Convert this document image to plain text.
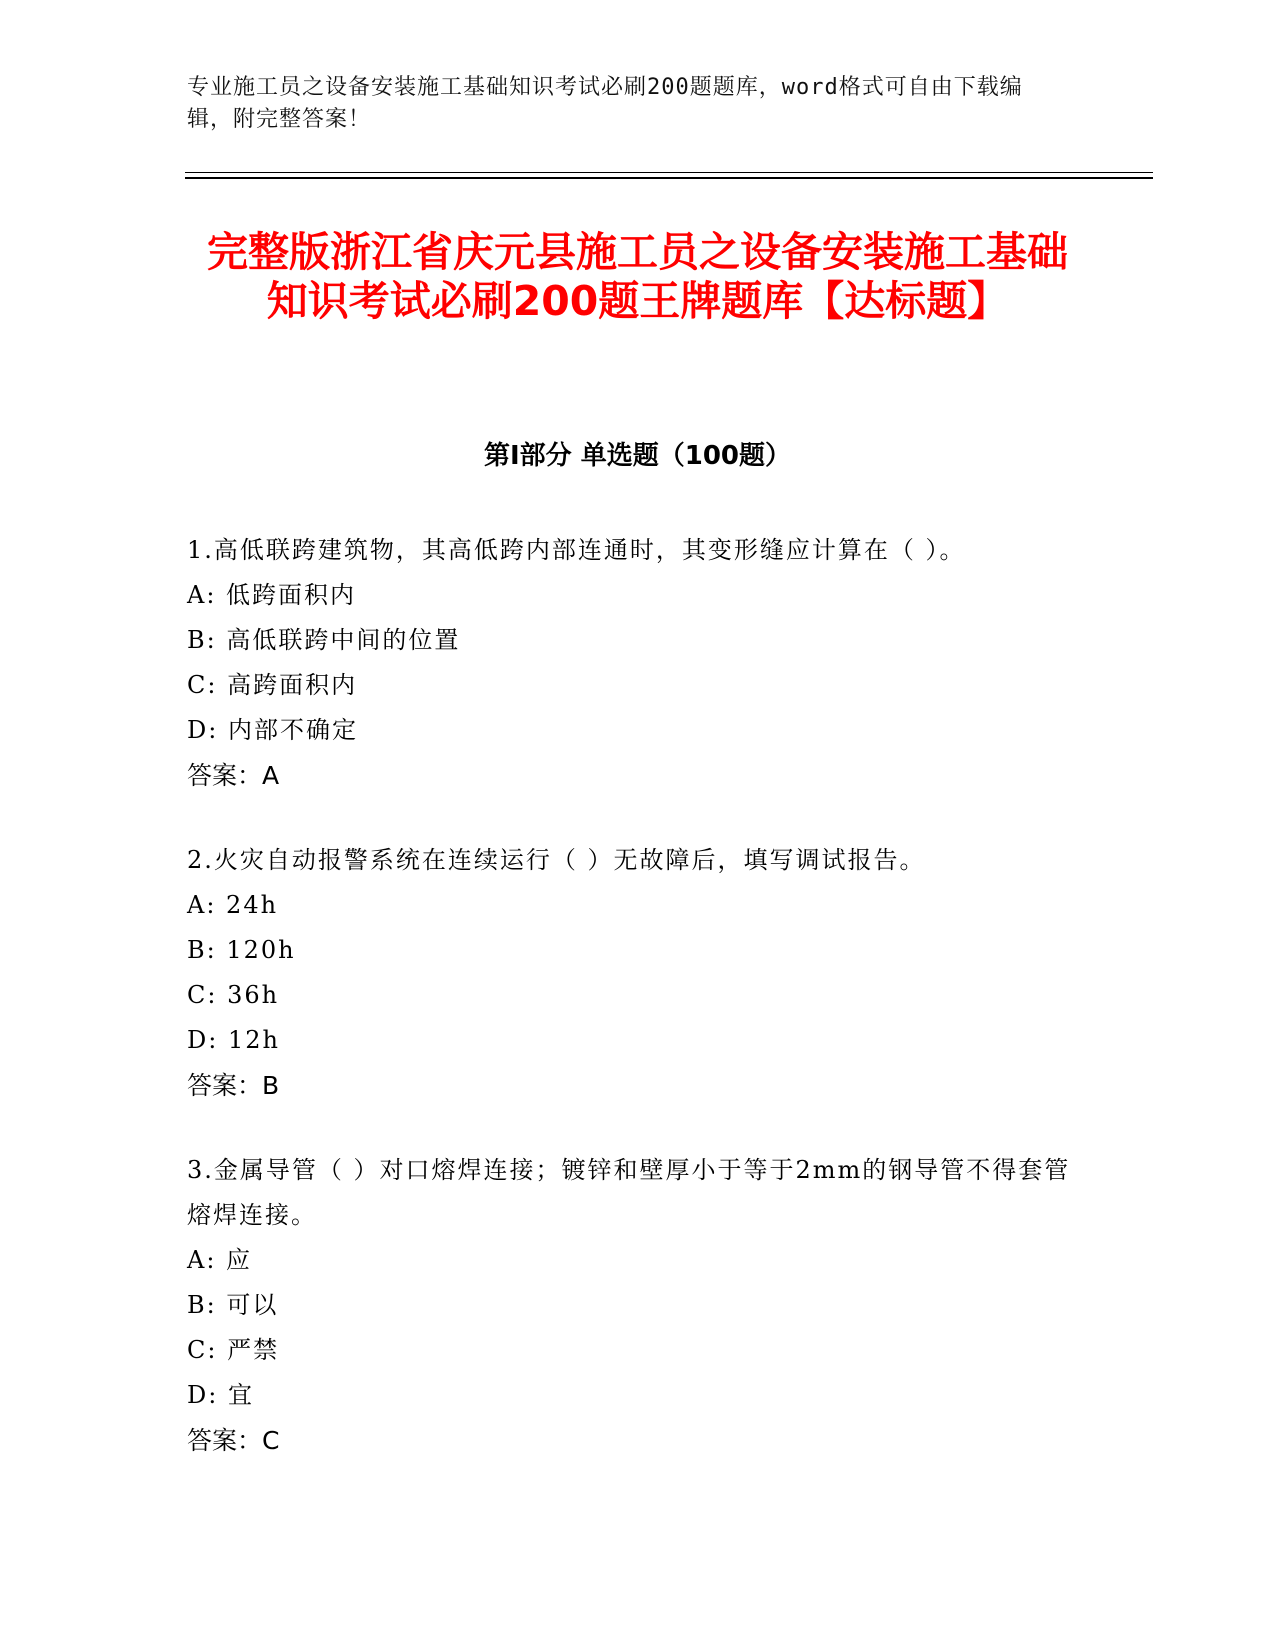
专业施工员之设备安装施工基础知识考试必刷200题题库，word格式可自由下载编辑，附完整答案！
完整版浙江省庆元县施工员之设备安装施工基础知识考试必刷200题王牌题库【达标题】
第I部分 单选题（100题）

1.高低联跨建筑物，其高低跨内部连通时，其变形缝应计算在（ ）。

A: 低跨面积内

B: 高低联跨中间的位置

C: 高跨面积内

D: 内部不确定

答案：A

2.火灾自动报警系统在连续运行（ ）无故障后，填写调试报告。

A: 24h

B: 120h

C: 36h

D: 12h

答案：B

3.金属导管（ ）对口熔焊连接；镀锌和壁厚小于等于2mm的钢导管不得套管熔焊连接。

A: 应

B: 可以

C: 严禁

D: 宜

答案：C
